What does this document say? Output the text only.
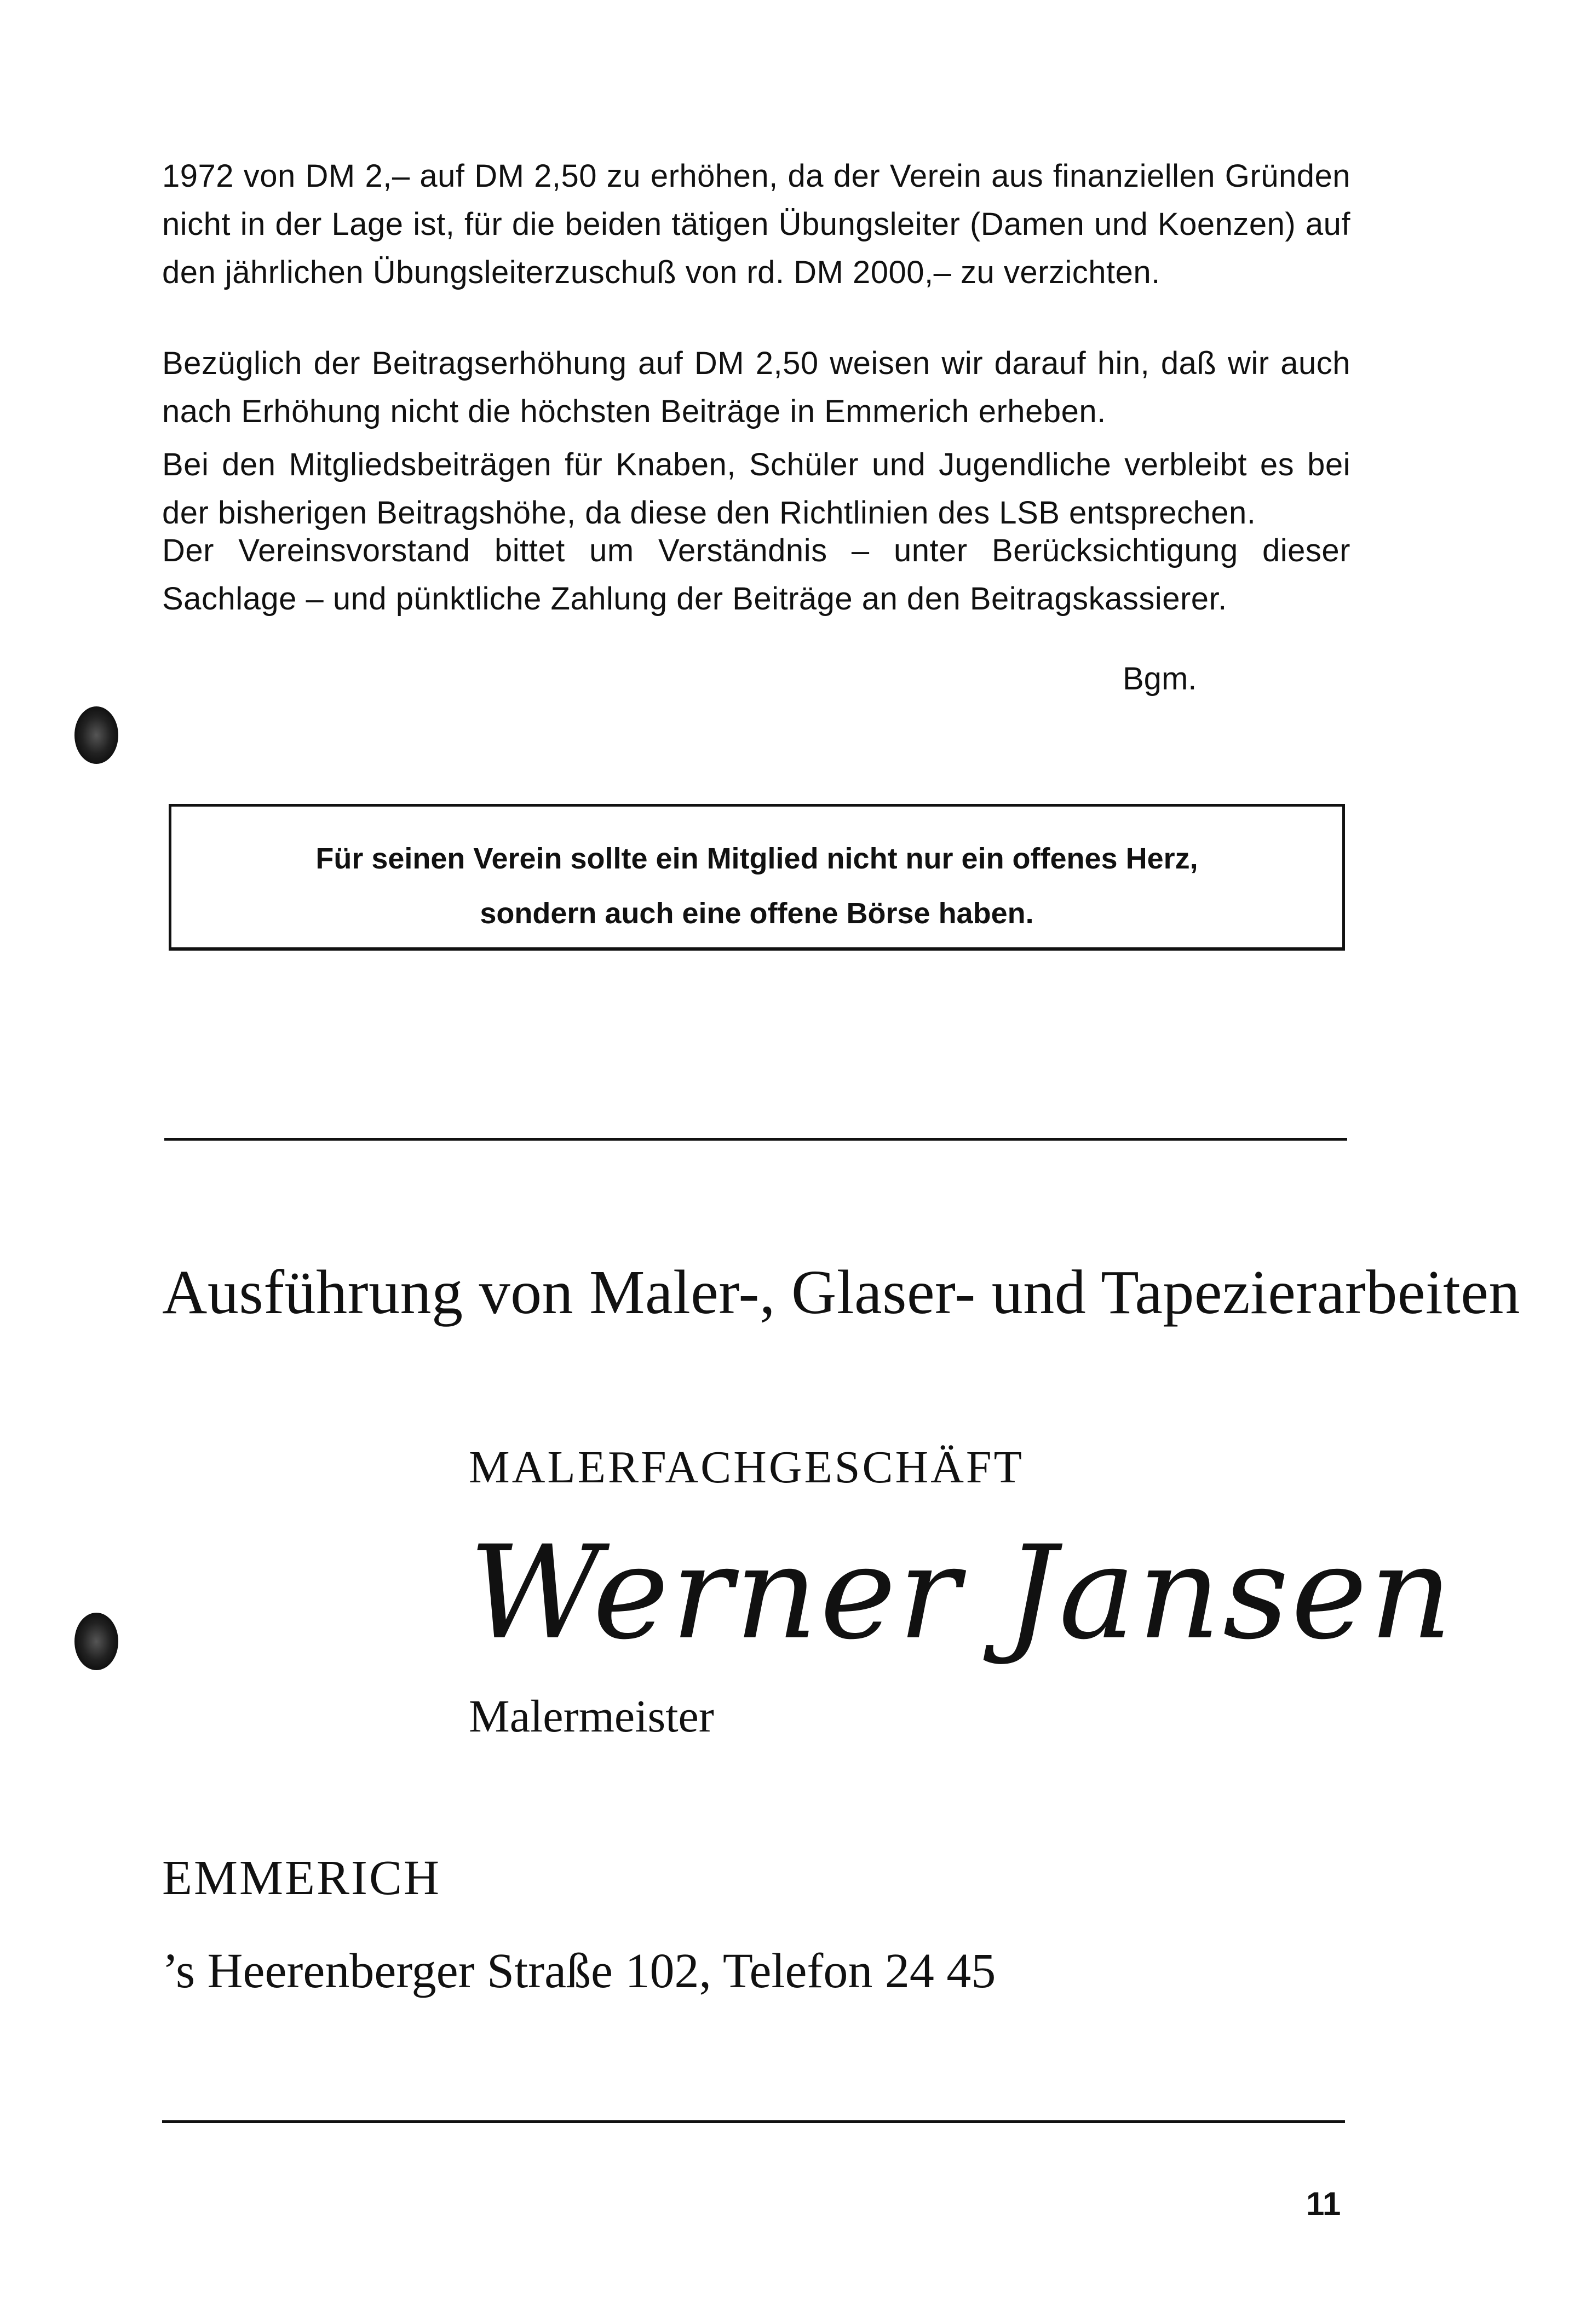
1972 von DM 2,– auf DM 2,50 zu erhöhen, da der Verein aus finanziellen Gründen nicht in der Lage ist, für die beiden tätigen Übungsleiter (Damen und Koenzen) auf den jährlichen Übungsleiterzuschuß von rd. DM 2000,– zu verzichten.

Bezüglich der Beitragserhöhung auf DM 2,50 weisen wir darauf hin, daß wir auch nach Erhöhung nicht die höchsten Beiträge in Emmerich erheben.

Bei den Mitgliedsbeiträgen für Knaben, Schüler und Jugendliche verbleibt es bei der bisherigen Beitragshöhe, da diese den Richtlinien des LSB entsprechen.

Der Vereinsvorstand bittet um Verständnis – unter Berücksichtigung dieser Sachlage – und pünktliche Zahlung der Beiträge an den Beitragskassierer.

Bgm.
Für seinen Verein sollte ein Mitglied nicht nur ein offenes Herz,
sondern auch eine offene Börse haben.
Ausführung von Maler-, Glaser- und Tapezierarbeiten
MALERFACHGESCHÄFT
Werner Jansen
Malermeister
EMMERICH
’s Heerenberger Straße 102, Telefon 24 45
11
